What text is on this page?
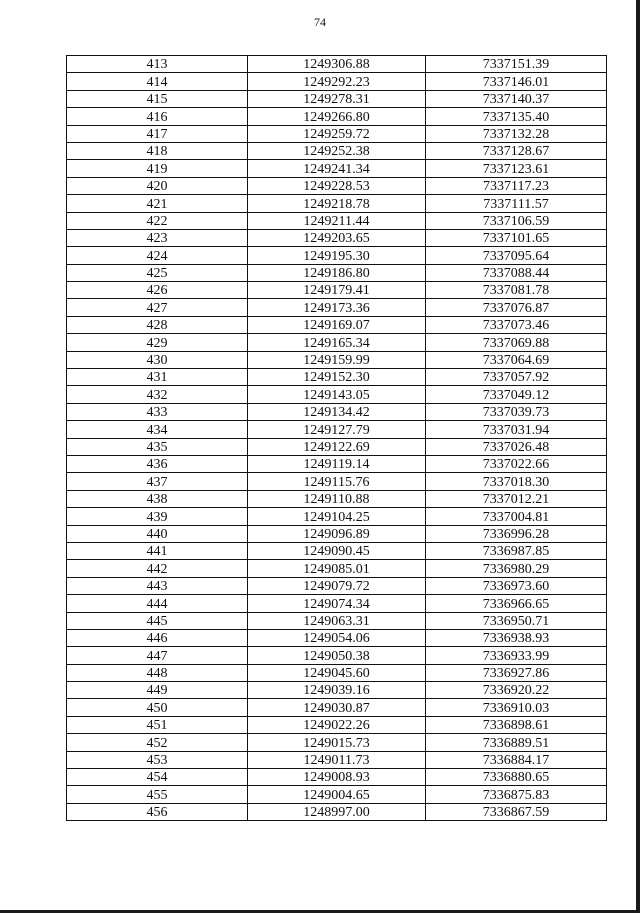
74
413	1249306.88	7337151.39
414	1249292.23	7337146.01
415	1249278.31	7337140.37
416	1249266.80	7337135.40
417	1249259.72	7337132.28
418	1249252.38	7337128.67
419	1249241.34	7337123.61
420	1249228.53	7337117.23
421	1249218.78	7337111.57
422	1249211.44	7337106.59
423	1249203.65	7337101.65
424	1249195.30	7337095.64
425	1249186.80	7337088.44
426	1249179.41	7337081.78
427	1249173.36	7337076.87
428	1249169.07	7337073.46
429	1249165.34	7337069.88
430	1249159.99	7337064.69
431	1249152.30	7337057.92
432	1249143.05	7337049.12
433	1249134.42	7337039.73
434	1249127.79	7337031.94
435	1249122.69	7337026.48
436	1249119.14	7337022.66
437	1249115.76	7337018.30
438	1249110.88	7337012.21
439	1249104.25	7337004.81
440	1249096.89	7336996.28
441	1249090.45	7336987.85
442	1249085.01	7336980.29
443	1249079.72	7336973.60
444	1249074.34	7336966.65
445	1249063.31	7336950.71
446	1249054.06	7336938.93
447	1249050.38	7336933.99
448	1249045.60	7336927.86
449	1249039.16	7336920.22
450	1249030.87	7336910.03
451	1249022.26	7336898.61
452	1249015.73	7336889.51
453	1249011.73	7336884.17
454	1249008.93	7336880.65
455	1249004.65	7336875.83
456	1248997.00	7336867.59
